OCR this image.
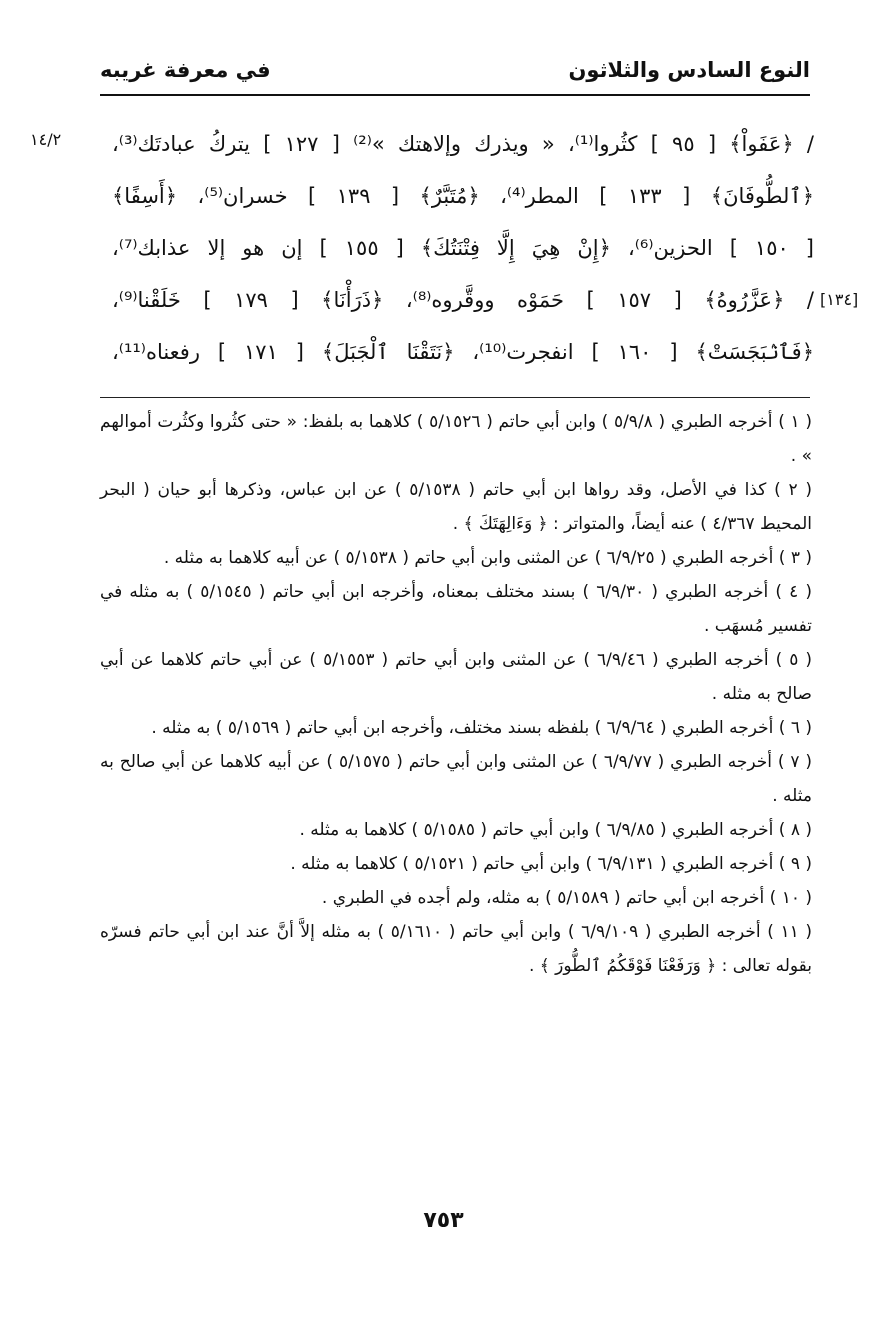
النوع السادس والثلاثون
في معرفة غريبه
١٤/٢
[١٣٤]
/ ﴿عَفَواْ﴾ [ ٩٥ ] كثُروا⁽¹⁾، « ويذرك وإلاهتك »⁽²⁾ [ ١٢٧ ] يتركُ عبادتَك⁽³⁾،
﴿ٱلطُّوفَانَ﴾ [ ١٣٣ ] المطر⁽⁴⁾، ﴿مُتَبَّرٌ﴾ [ ١٣٩ ] خسران⁽⁵⁾، ﴿أَسِفًا﴾
[ ١٥٠ ] الحزين⁽⁶⁾، ﴿إِنْ هِيَ إِلَّا فِتْنَتُكَ﴾ [ ١٥٥ ] إن هو إلا عذابك⁽⁷⁾،
/ ﴿عَزَّرُوهُ﴾ [ ١٥٧ ] حَمَوْه ووقَّروه⁽⁸⁾، ﴿ذَرَأْنَا﴾ [ ١٧٩ ] خَلَقْنا⁽⁹⁾،
﴿فَٱنۢبَجَسَتْ﴾ [ ١٦٠ ] انفجرت⁽¹⁰⁾، ﴿نَتَقْنَا ٱلْجَبَلَ﴾ [ ١٧١ ] رفعناه⁽¹¹⁾،

( ١ ) أخرجه الطبري ( ٥/٩/٨ ) وابن أبي حاتم ( ٥/١٥٢٦ ) كلاهما به بلفظ: « حتى كثُروا وكثُرت أموالهم » .

( ٢ ) كذا في الأصل، وقد رواها ابن أبي حاتم ( ٥/١٥٣٨ ) عن ابن عباس، وذكرها أبو حيان ( البحر المحيط ٤/٣٦٧ ) عنه أيضاً، والمتواتر : ﴿ وَءَالِهَتَكَ ﴾ .

( ٣ ) أخرجه الطبري ( ٦/٩/٢٥ ) عن المثنى وابن أبي حاتم ( ٥/١٥٣٨ ) عن أبيه كلاهما به مثله .

( ٤ ) أخرجه الطبري ( ٦/٩/٣٠ ) بسند مختلف بمعناه، وأخرجه ابن أبي حاتم ( ٥/١٥٤٥ ) به مثله في تفسير مُسهَب .

( ٥ ) أخرجه الطبري ( ٦/٩/٤٦ ) عن المثنى وابن أبي حاتم ( ٥/١٥٥٣ ) عن أبي حاتم كلاهما عن أبي صالح به مثله .

( ٦ ) أخرجه الطبري ( ٦/٩/٦٤ ) بلفظه بسند مختلف، وأخرجه ابن أبي حاتم ( ٥/١٥٦٩ ) به مثله .

( ٧ ) أخرجه الطبري ( ٦/٩/٧٧ ) عن المثنى وابن أبي حاتم ( ٥/١٥٧٥ ) عن أبيه كلاهما عن أبي صالح به مثله .

( ٨ ) أخرجه الطبري ( ٦/٩/٨٥ ) وابن أبي حاتم ( ٥/١٥٨٥ ) كلاهما به مثله .

( ٩ ) أخرجه الطبري ( ٦/٩/١٣١ ) وابن أبي حاتم ( ٥/١٥٢١ ) كلاهما به مثله .

( ١٠ ) أخرجه ابن أبي حاتم ( ٥/١٥٨٩ ) به مثله، ولم أجده في الطبري .

( ١١ ) أخرجه الطبري ( ٦/٩/١٠٩ ) وابن أبي حاتم ( ٥/١٦١٠ ) به مثله إلاَّ أنَّ عند ابن أبي حاتم فسرّه بقوله تعالى : ﴿ وَرَفَعْنَا فَوْقَكُمُ ٱلطُّورَ ﴾ .

٧٥٣
